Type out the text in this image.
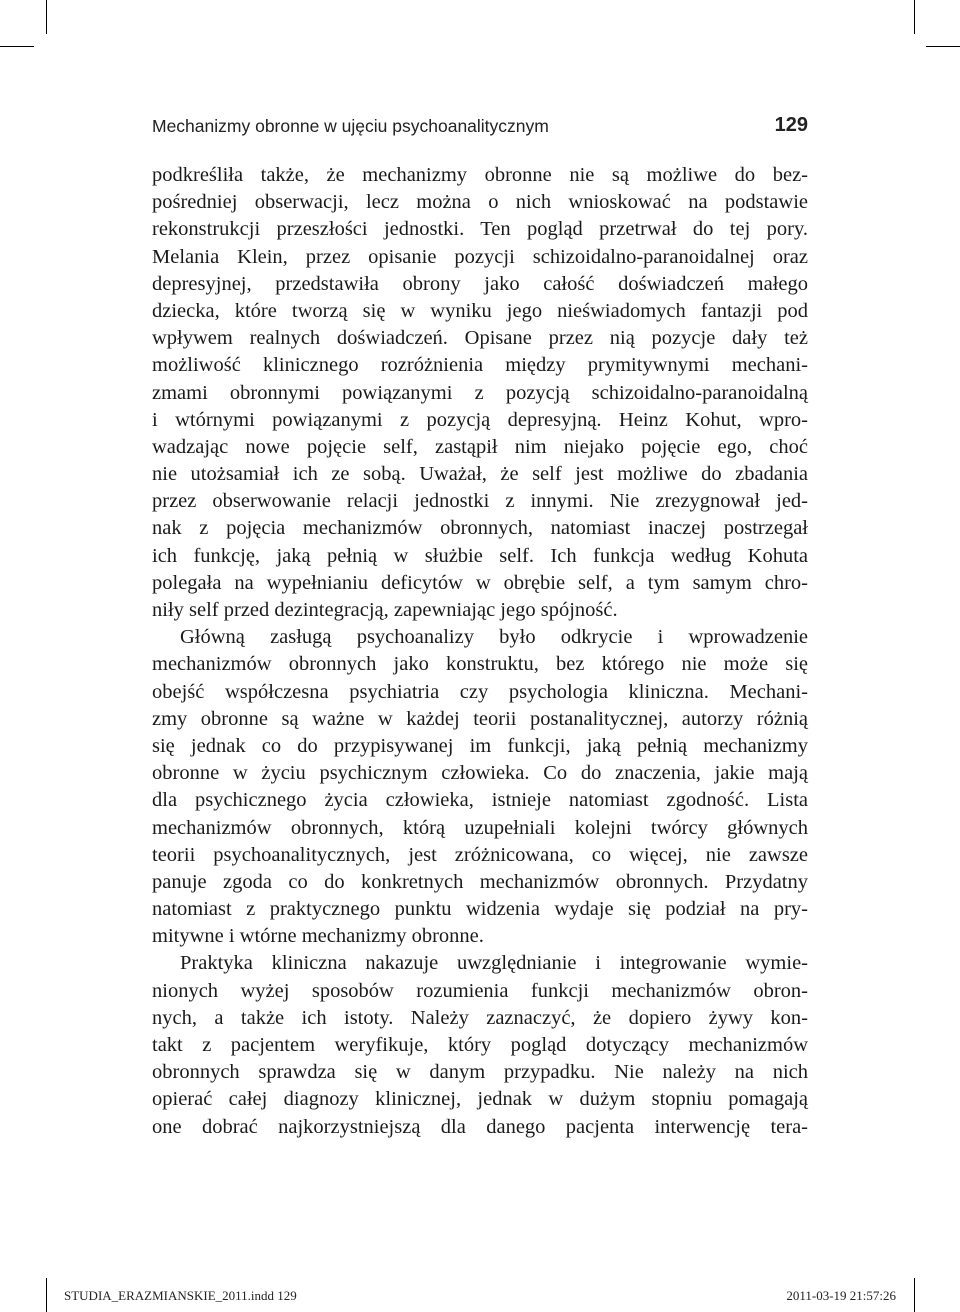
Mechanizmy obronne w ujęciu psychoanalitycznym	129
podkreśliła także, że mechanizmy obronne nie są możliwe do bez-
pośredniej obserwacji, lecz można o nich wnioskować na podstawie
rekonstrukcji przeszłości jednostki. Ten pogląd przetrwał do tej pory.
Melania Klein, przez opisanie pozycji schizoidalno-paranoidalnej oraz
depresyjnej, przedstawiła obrony jako całość doświadczeń małego
dziecka, które tworzą się w wyniku jego nieświadomych fantazji pod
wpływem realnych doświadczeń. Opisane przez nią pozycje dały też
możliwość klinicznego rozróżnienia między prymitywnymi mechani-
zmami obronnymi powiązanymi z pozycją schizoidalno-paranoidalną
i wtórnymi powiązanymi z pozycją depresyjną. Heinz Kohut, wpro-
wadzając nowe pojęcie self, zastąpił nim niejako pojęcie ego, choć
nie utożsamiał ich ze sobą. Uważał, że self jest możliwe do zbadania
przez obserwowanie relacji jednostki z innymi. Nie zrezygnował jed-
nak z pojęcia mechanizmów obronnych, natomiast inaczej postrzegał
ich funkcję, jaką pełnią w służbie self. Ich funkcja według Kohuta
polegała na wypełnianiu deficytów w obrębie self, a tym samym chro-
niły self przed dezintegracją, zapewniając jego spójność.
Główną zasługą psychoanalizy było odkrycie i wprowadzenie
mechanizmów obronnych jako konstruktu, bez którego nie może się
obejść współczesna psychiatria czy psychologia kliniczna. Mechani-
zmy obronne są ważne w każdej teorii postanalitycznej, autorzy różnią
się jednak co do przypisywanej im funkcji, jaką pełnią mechanizmy
obronne w życiu psychicznym człowieka. Co do znaczenia, jakie mają
dla psychicznego życia człowieka, istnieje natomiast zgodność. Lista
mechanizmów obronnych, którą uzupełniali kolejni twórcy głównych
teorii psychoanalitycznych, jest zróżnicowana, co więcej, nie zawsze
panuje zgoda co do konkretnych mechanizmów obronnych. Przydatny
natomiast z praktycznego punktu widzenia wydaje się podział na pry-
mitywne i wtórne mechanizmy obronne.
Praktyka kliniczna nakazuje uwzględnianie i integrowanie wymie-
nionych wyżej sposobów rozumienia funkcji mechanizmów obron-
nych, a także ich istoty. Należy zaznaczyć, że dopiero żywy kon-
takt z pacjentem weryfikuje, który pogląd dotyczący mechanizmów
obronnych sprawdza się w danym przypadku. Nie należy na nich
opierać całej diagnozy klinicznej, jednak w dużym stopniu pomagają
one dobrać najkorzystniejszą dla danego pacjenta interwencję tera-
STUDIA_ERAZMIANSKIE_2011.indd 129	2011-03-19 21:57:26
